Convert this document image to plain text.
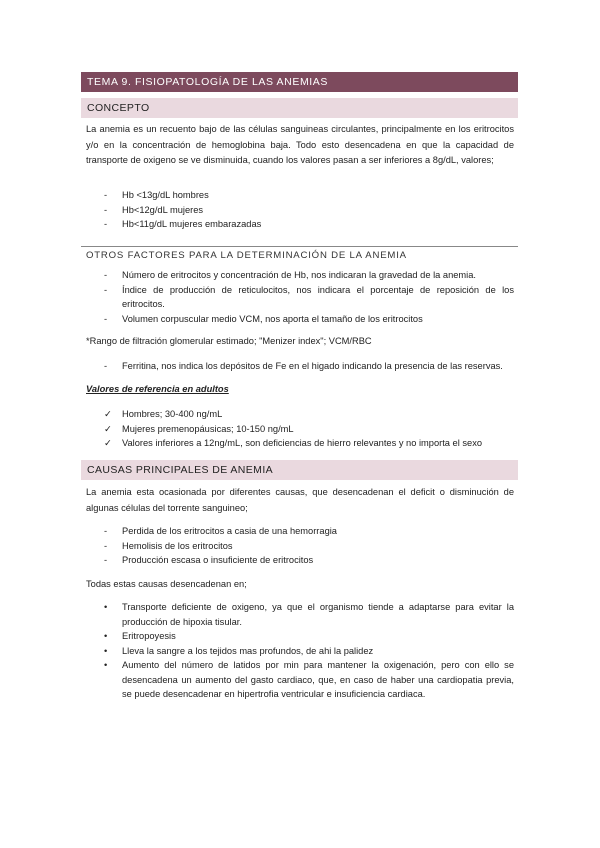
TEMA 9. FISIOPATOLOGÍA DE LAS ANEMIAS
CONCEPTO

La anemia es un recuento bajo de las células sanguineas circulantes, principalmente en los eritrocitos y/o en la concentración de hemoglobina baja. Todo esto desencadena en que la capacidad de transporte de oxigeno se ve disminuida, cuando los valores pasan a ser inferiores a 8g/dL, valores;

- Hb <13g/dL hombres
- Hb<12g/dL mujeres
- Hb<11g/dL mujeres embarazadas
OTROS FACTORES PARA LA DETERMINACIÓN DE LA ANEMIA
- Número de eritrocitos y concentración de Hb, nos indicaran la gravedad de la anemia.
- Índice de producción de reticulocitos, nos indicara el porcentaje de reposición de los eritrocitos.
- Volumen corpuscular medio VCM, nos aporta el tamaño de los eritrocitos

*Rango de filtración glomerular estimado; "Menizer index"; VCM/RBC

- Ferritina, nos indica los depósitos de Fe en el higado indicando la presencia de las reservas.
Valores de referencia en adultos
✓ Hombres; 30-400 ng/mL
✓ Mujeres premenopáusicas; 10-150 ng/mL
✓ Valores inferiores a 12ng/mL, son deficiencias de hierro relevantes y no importa el sexo
CAUSAS PRINCIPALES DE ANEMIA

La anemia esta ocasionada por diferentes causas, que desencadenan el deficit o disminución de algunas células del torrente sanguineo;

- Perdida de los eritrocitos a casia de una hemorragia
- Hemolisis de los eritrocitos
- Producción escasa o insuficiente de eritrocitos

Todas estas causas desencadenan en;

• Transporte deficiente de oxigeno, ya que el organismo tiende a adaptarse para evitar la producción de hipoxia tisular.
• Eritropoyesis
• Lleva la sangre a los tejidos mas profundos, de ahi la palidez
• Aumento del número de latidos por min para mantener la oxigenación, pero con ello se desencadena un aumento del gasto cardiaco, que, en caso de haber una cardiopatia previa, se puede desencadenar en hipertrofia ventricular e insuficiencia cardiaca.
